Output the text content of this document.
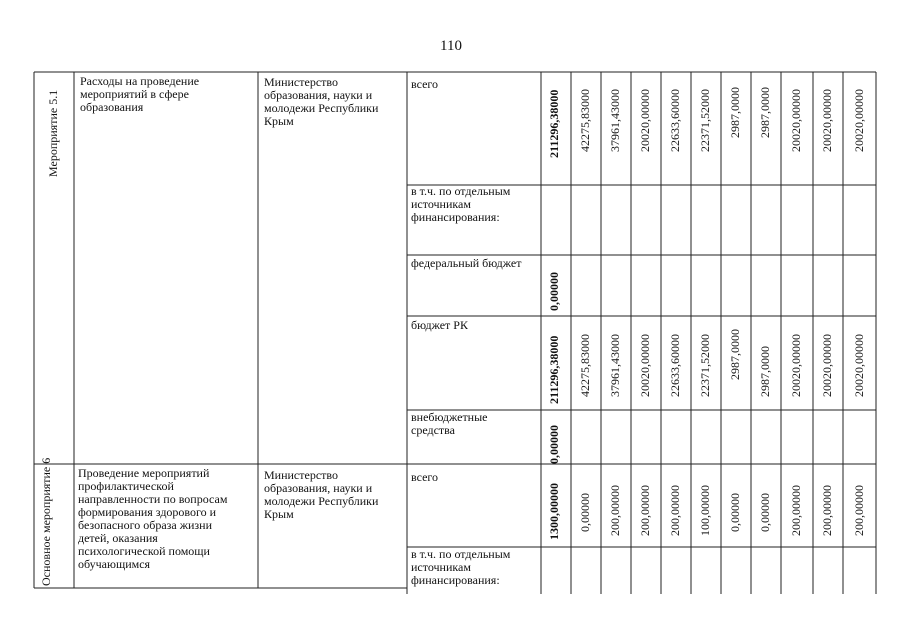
110
Мероприятие 5.1
Расходы на проведение
мероприятий в сфере
образования
Министерство
образования, науки и
молодежи Республики
Крым
всего
в т.ч. по отдельным
источникам
финансирования:
федеральный бюджет
бюджет РК
внебюджетные
средства
211296,38000 42275,83000 37961,43000 20020,00000 22633,60000 22371,52000 2987,0000 2987,0000 20020,00000 20020,00000 20020,00000
0,00000
211296,38000 42275,83000 37961,43000 20020,00000 22633,60000 22371,52000 2987,0000 2987,0000 20020,00000 20020,00000 20020,00000
0,00000
Основное мероприятие 6 Проведение мероприятий
профилактической
направленности по вопросам
формирования здорового и
безопасного образа жизни
детей, оказания
психологической помощи
обучающимся
Министерство
образования, науки и
молодежи Республики
Крым
всего
в т.ч. по отдельным
источникам
финансирования:
1300,00000 0,00000 200,00000 200,00000 200,00000 100,00000 0,00000 0,00000 200,00000 200,00000 200,00000
